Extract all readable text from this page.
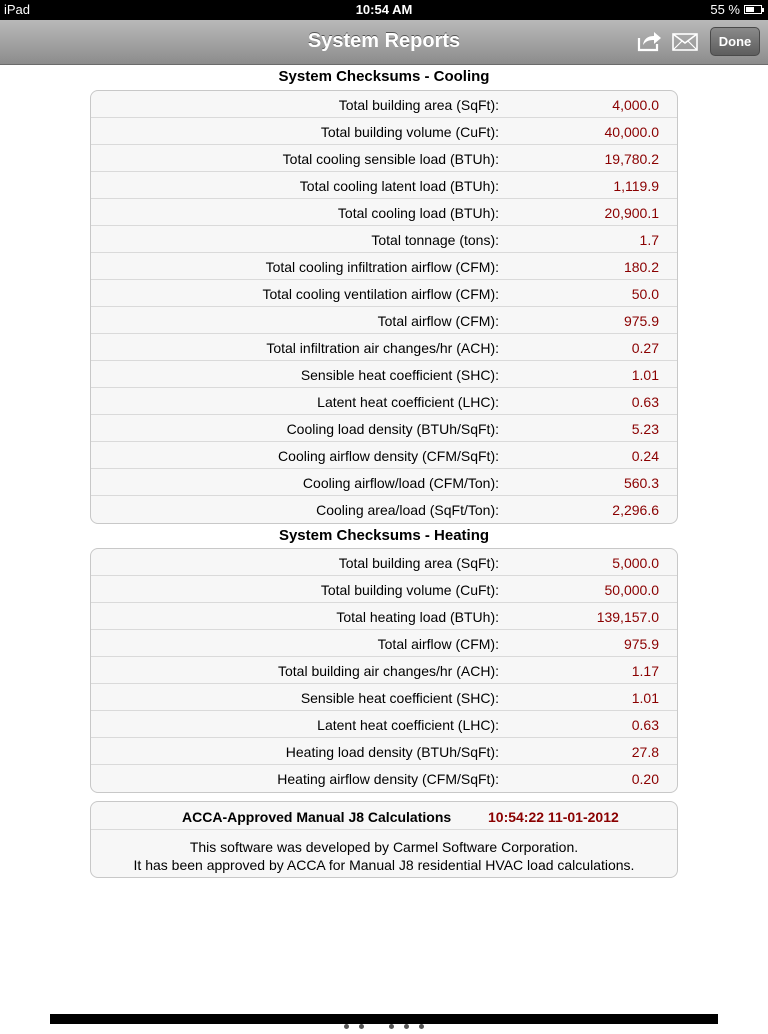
iPad	10:54 AM	55 %
System Reports	Done
System Checksums - Cooling
Total building area (SqFt):	4,000.0
Total building volume (CuFt):	40,000.0
Total cooling sensible load (BTUh):	19,780.2
Total cooling latent load (BTUh):	1,119.9
Total cooling load (BTUh):	20,900.1
Total tonnage (tons):	1.7
Total cooling infiltration airflow (CFM):	180.2
Total cooling ventilation airflow (CFM):	50.0
Total airflow (CFM):	975.9
Total infiltration air changes/hr (ACH):	0.27
Sensible heat coefficient (SHC):	1.01
Latent heat coefficient (LHC):	0.63
Cooling load density (BTUh/SqFt):	5.23
Cooling airflow density (CFM/SqFt):	0.24
Cooling airflow/load (CFM/Ton):	560.3
Cooling area/load (SqFt/Ton):	2,296.6
System Checksums - Heating
Total building area (SqFt):	5,000.0
Total building volume (CuFt):	50,000.0
Total heating load (BTUh):	139,157.0
Total airflow (CFM):	975.9
Total building air changes/hr (ACH):	1.17
Sensible heat coefficient (SHC):	1.01
Latent heat coefficient (LHC):	0.63
Heating load density (BTUh/SqFt):	27.8
Heating airflow density (CFM/SqFt):	0.20
ACCA-Approved Manual J8 Calculations	10:54:22 11-01-2012
This software was developed by Carmel Software Corporation.
It has been approved by ACCA for Manual J8 residential HVAC load calculations.
